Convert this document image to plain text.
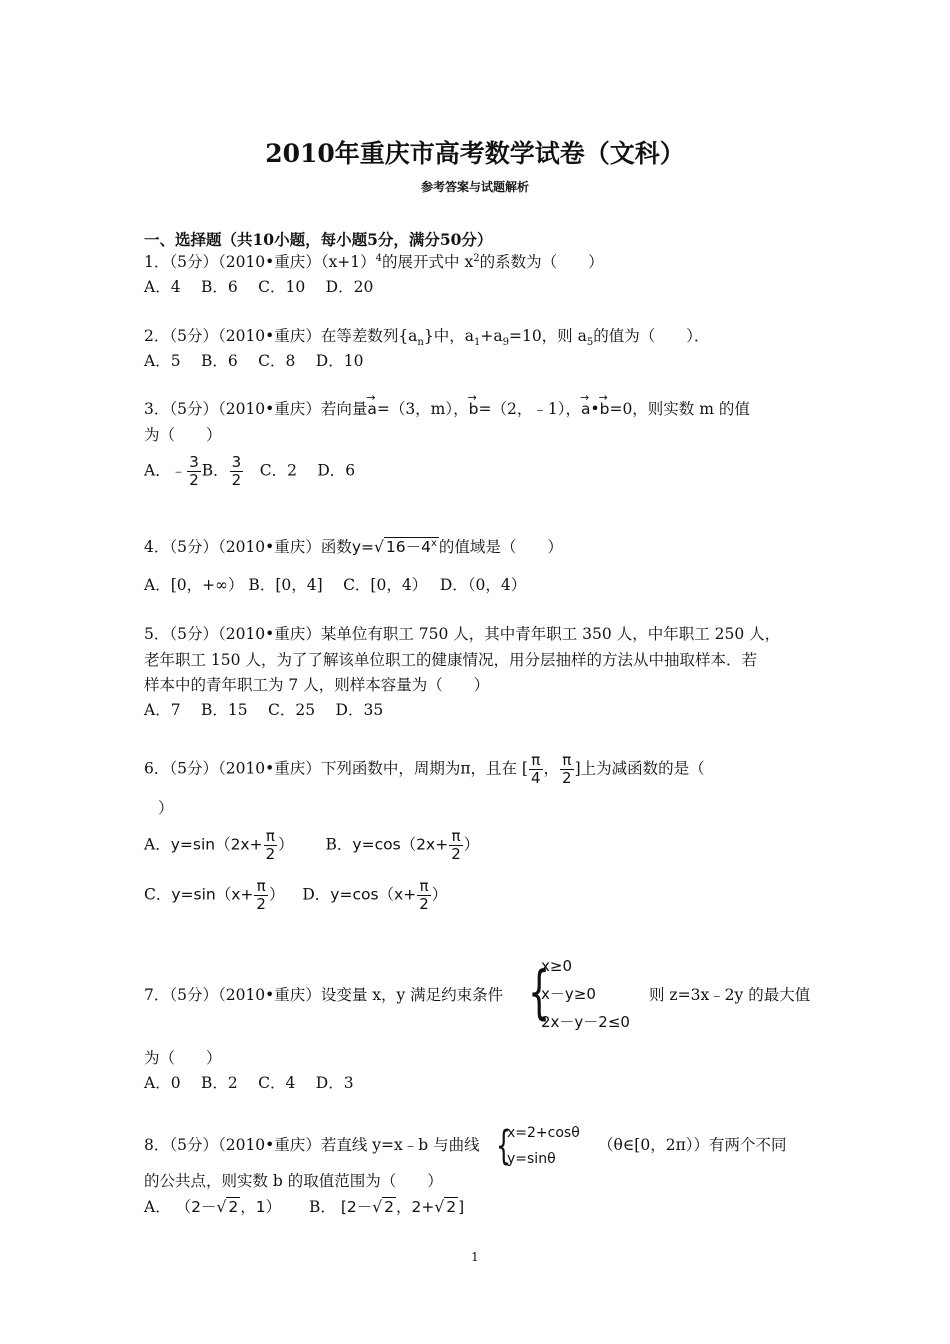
2010年重庆市高考数学试卷（文科）
参考答案与试题解析
一、选择题（共10小题，每小题5分，满分50分）
1．（5分）（2010•重庆）$(x+1)^4$的展开式中 $x^2$的系数为（　　）
A．4　 B．6　 C．10　 D．20
2．（5分）（2010•重庆）在等差数列$\{a_n\}$中，$a_1+a_9=10$，则 $a_5$的值为（　　）．
A．5　 B．6　 C．8　 D．10
3．（5分）（2010•重庆）若向量→ a=（3，m），→ b=（2，﹣1），→ a•→ b=0，则实数 m 的值
为（　　）
A．﹣ $\frac{3}{2}$ B． $\frac{3}{2}$
　 C．2　 D．6
4．（5分）（2010•重庆）函数y=√ $16-4^x$ 的值域是（　　）
A．[0，+∞） B．[0，4]　 C．[0，4）　 D．（0，4）
5．（5分）（2010•重庆）某单位有职工 750 人，其中青年职工 350 人，中年职工 250 人，
老年职工 150 人，为了了解该单位职工的健康情况，用分层抽样的方法从中抽取样本．若
样本中的青年职工为 7 人，则样本容量为（　　）
A．7　 B．15　 C．25　 D．35
6．（5分）（2010•重庆）下列函数中，周期为π，且在 [ $\frac{\pi}{4}$ ， $\frac{\pi}{2}$ ]上为减函数的是（
）
A．$y=\sin(2x+ \frac{\pi}{2}$ ） B．$y=\cos(2x+ \frac{\pi}{2}$ ）
C．$y=\sin(x+ \frac{\pi}{2}$ ） D．$y=\cos(x+ \frac{\pi}{2}$ ）
7．（5分）（2010•重庆）设变量 x，y 满足约束条件 {
x≥0
x－y≥0
2x－y－2≤0
则 z=3x﹣2y 的最大值
为（　　）
A．0　 B．2　 C．4　 D．3
8．（5分）（2010•重庆）若直线 y=x﹣b 与曲线 {
x=2+cosθ
y=sinθ
（θ∈[0，2π））有两个不同
的公共点，则实数 b 的取值范围为（　　）
A． （2－√ 2 ，1） B． [2－√ 2 ，2+√ 2 ]
1
